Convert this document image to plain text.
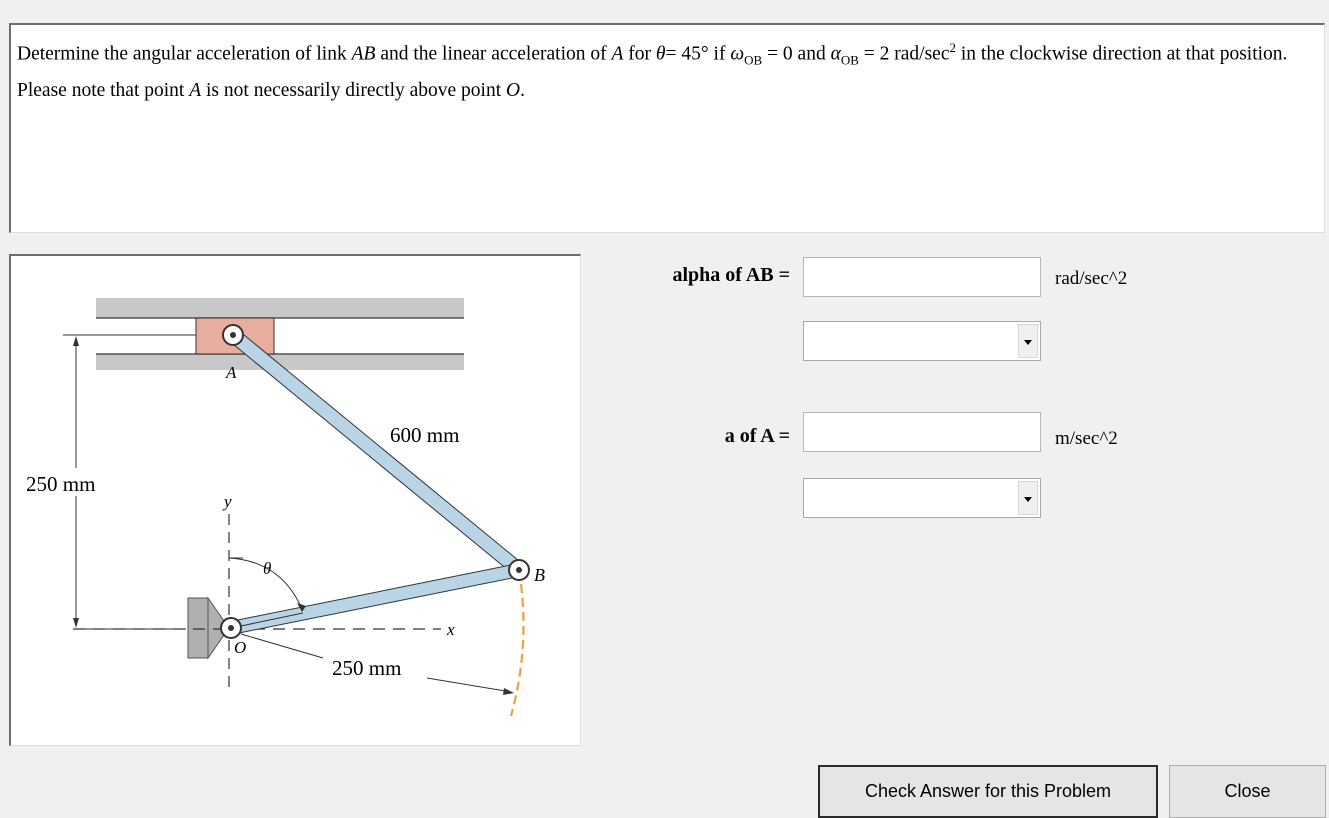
Determine the angular acceleration of link AB and the linear acceleration of A for θ= 45° if $\omega_{OB} = 0$ and $\alpha_{OB} = 2$ rad/$\sec^2$ in the clockwise direction at that position. Please note that point A is not necessarily directly above point O.
250 mm
y
x
θ
250 mm
600 mm
A
B
O
alpha of AB =	rad/sec^2
a of A =	m/sec^2
Check Answer for this Problem	Close
